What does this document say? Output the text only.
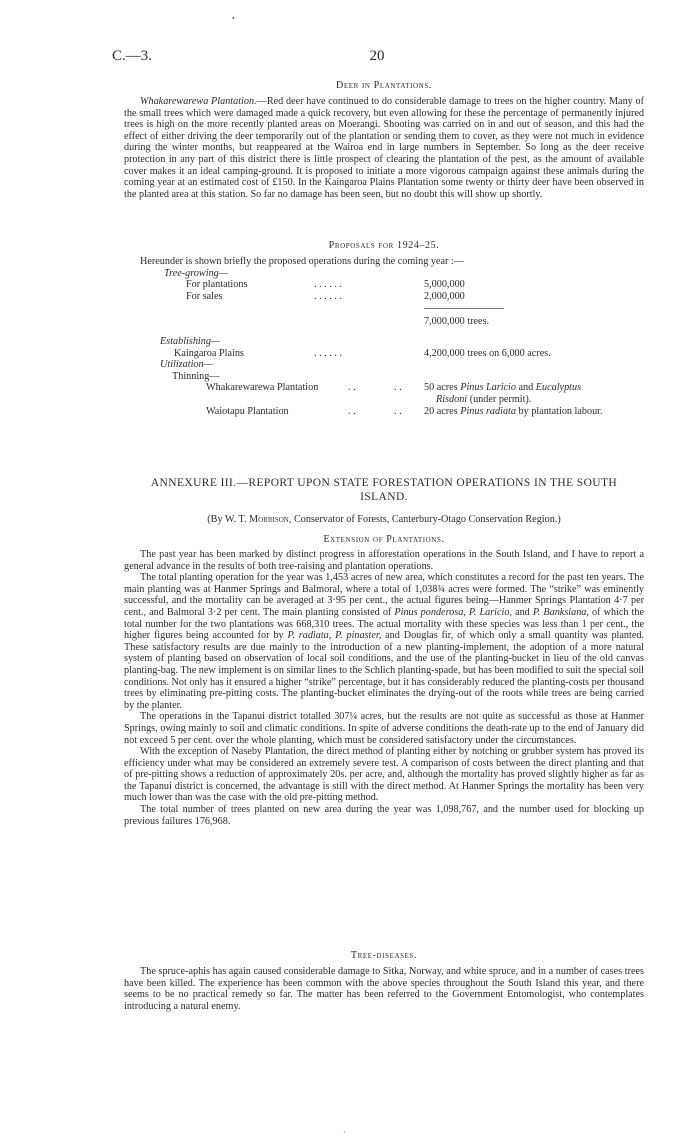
•
C.—3.	20
Deer in Plantations.

Whakarewarewa Plantation.—Red deer have continued to do considerable damage to trees on the higher country. Many of the small trees which were damaged made a quick recovery, but even allowing for these the percentage of permanently injured trees is high on the more recently planted areas on Moerangi. Shooting was carried on in and out of season, and this had the effect of either driving the deer temporarily out of the plantation or sending them to cover, as they were not much in evidence during the winter months, but reappeared at the Wairoa end in large numbers in September. So long as the deer receive protection in any part of this district there is little prospect of clearing the plantation of the pest, as the amount of available cover makes it an ideal camping-ground. It is proposed to initiate a more vigorous campaign against these animals during the coming year at an estimated cost of £150. In the Kaingaroa Plains Plantation some twenty or thirty deer have been observed in the planted area at this station. So far no damage has been seen, but no doubt this will show up shortly.

Proposals for 1924–25.
Hereunder is shown briefly the proposed operations during the coming year :—
Tree-growing—
For plantations	. . . . . .	5,000,000
For sales	. . . . . .	2,000,000
7,000,000 trees.
Establishing—
Kaingaroa Plains	. . . . . .	4,200,000 trees on 6,000 acres.
Utilization—
Thinning—
Whakarewarewa Plantation	. .	. . 50 acres Pinus Laricio and Eucalyptus
Risdoni (under permit).
Waiotapu Plantation	. .	. . 20 acres Pinus radiata by plantation labour.
ANNEXURE III.—REPORT UPON STATE FORESTATION OPERATIONS IN THE SOUTH
ISLAND.
(By W. T. Morrison, Conservator of Forests, Canterbury-Otago Conservation Region.)
Extension of Plantations.

The past year has been marked by distinct progress in afforestation operations in the South Island, and I have to report a general advance in the results of both tree-raising and plantation operations.

The total planting operation for the year was 1,453 acres of new area, which constitutes a record for the past ten years. The main planting was at Hanmer Springs and Balmoral, where a total of 1,038¾ acres were formed. The “strike” was eminently successful, and the mortality can be averaged at 3·95 per cent., the actual figures being—Hanmer Springs Plantation 4·7 per cent., and Balmoral 3·2 per cent. The main planting consisted of Pinus ponderosa, P. Laricio, and P. Banksiana, of which the total number for the two plantations was 668,310 trees. The actual mortality with these species was less than 1 per cent., the higher figures being accounted for by P. radiata, P. pinaster, and Douglas fir, of which only a small quantity was planted. These satisfactory results are due mainly to the introduction of a new planting-implement, the adoption of a more natural system of planting based on observation of local soil conditions, and the use of the planting-bucket in lieu of the old canvas planting-bag. The new implement is on similar lines to the Schlich planting-spade, but has been modified to suit the special soil conditions. Not only has it ensured a higher “strike” percentage, but it has considerably reduced the planting-costs per thousand trees by eliminating pre-pitting costs. The planting-bucket eliminates the drying-out of the roots while trees are being carried by the planter.

The operations in the Tapanui district totalled 307¼ acres, but the results are not quite as successful as those at Hanmer Springs, owing mainly to soil and climatic conditions. In spite of adverse conditions the death-rate up to the end of January did not exceed 5 per cent. over the whole planting, which must be considered satisfactory under the circumstances.

With the exception of Naseby Plantation, the direct method of planting either by notching or grubber system has proved its efficiency under what may be considered an extremely severe test. A comparison of costs between the direct planting and that of pre-pitting shows a reduction of approximately 20s. per acre, and, although the mortality has proved slightly higher as far as the Tapanui district is concerned, the advantage is still with the direct method. At Hanmer Springs the mortality has been very much lower than was the case with the old pre-pitting method.

The total number of trees planted on new area during the year was 1,098,767, and the number used for blocking up previous failures 176,968.

Tree-diseases.

The spruce-aphis has again caused considerable damage to Sitka, Norway, and white spruce, and in a number of cases trees have been killed. The experience has been common with the above species throughout the South Island this year, and there seems to be no practical remedy so far. The matter has been referred to the Government Entomologist, who contemplates introducing a natural enemy.

·
